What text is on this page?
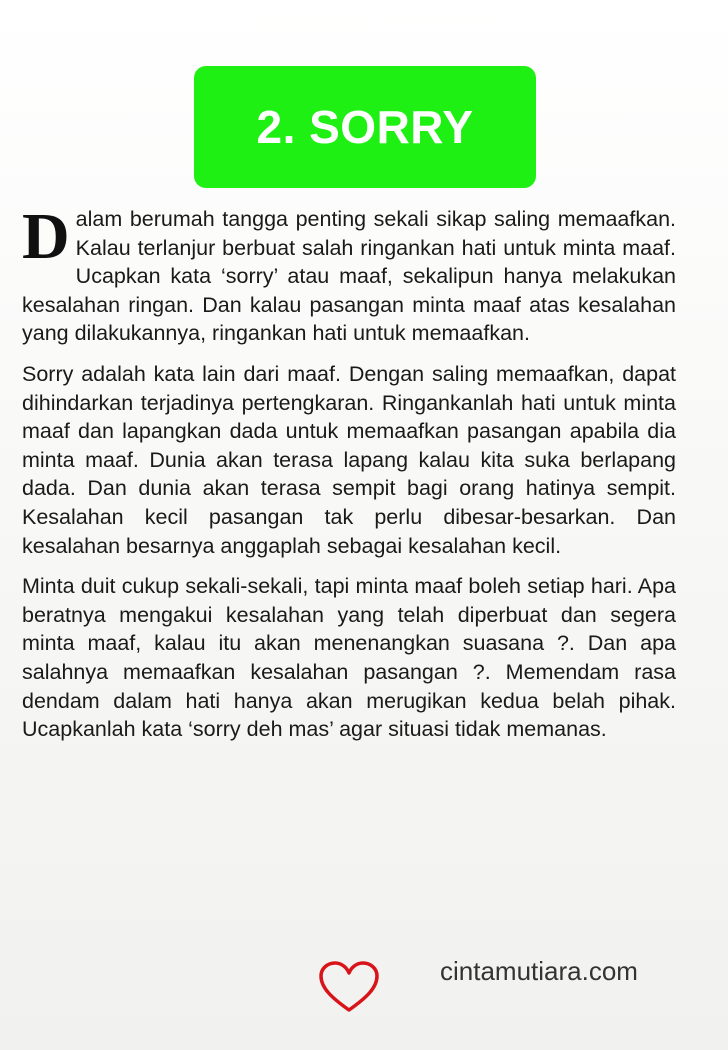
2. SORRY

Dalam berumah tangga penting sekali sikap saling memaafkan. Kalau terlanjur berbuat salah ringankan hati untuk minta maaf. Ucapkan kata ‘sorry’ atau maaf, sekalipun hanya melakukan kesalahan ringan. Dan kalau pasangan minta maaf atas kesalahan yang dilakukannya, ringankan hati untuk memaafkan.

Sorry adalah kata lain dari maaf. Dengan saling memaafkan, dapat dihindarkan terjadinya pertengkaran. Ringankanlah hati untuk minta maaf dan lapangkan dada untuk memaafkan pasangan apabila dia minta maaf. Dunia akan terasa lapang kalau kita suka berlapang dada. Dan dunia akan terasa sempit bagi orang hatinya sempit. Kesalahan kecil pasangan tak perlu dibesar-besarkan. Dan kesalahan besarnya anggaplah sebagai kesalahan kecil.

Minta duit cukup sekali-sekali, tapi minta maaf boleh setiap hari. Apa beratnya mengakui kesalahan yang telah diperbuat dan segera minta maaf, kalau itu akan menenangkan suasana ?. Dan apa salahnya memaafkan kesalahan pasangan ?. Memendam rasa dendam dalam hati hanya akan merugikan kedua belah pihak. Ucapkanlah kata ‘sorry deh mas’ agar situasi tidak memanas.

cintamutiara.com
